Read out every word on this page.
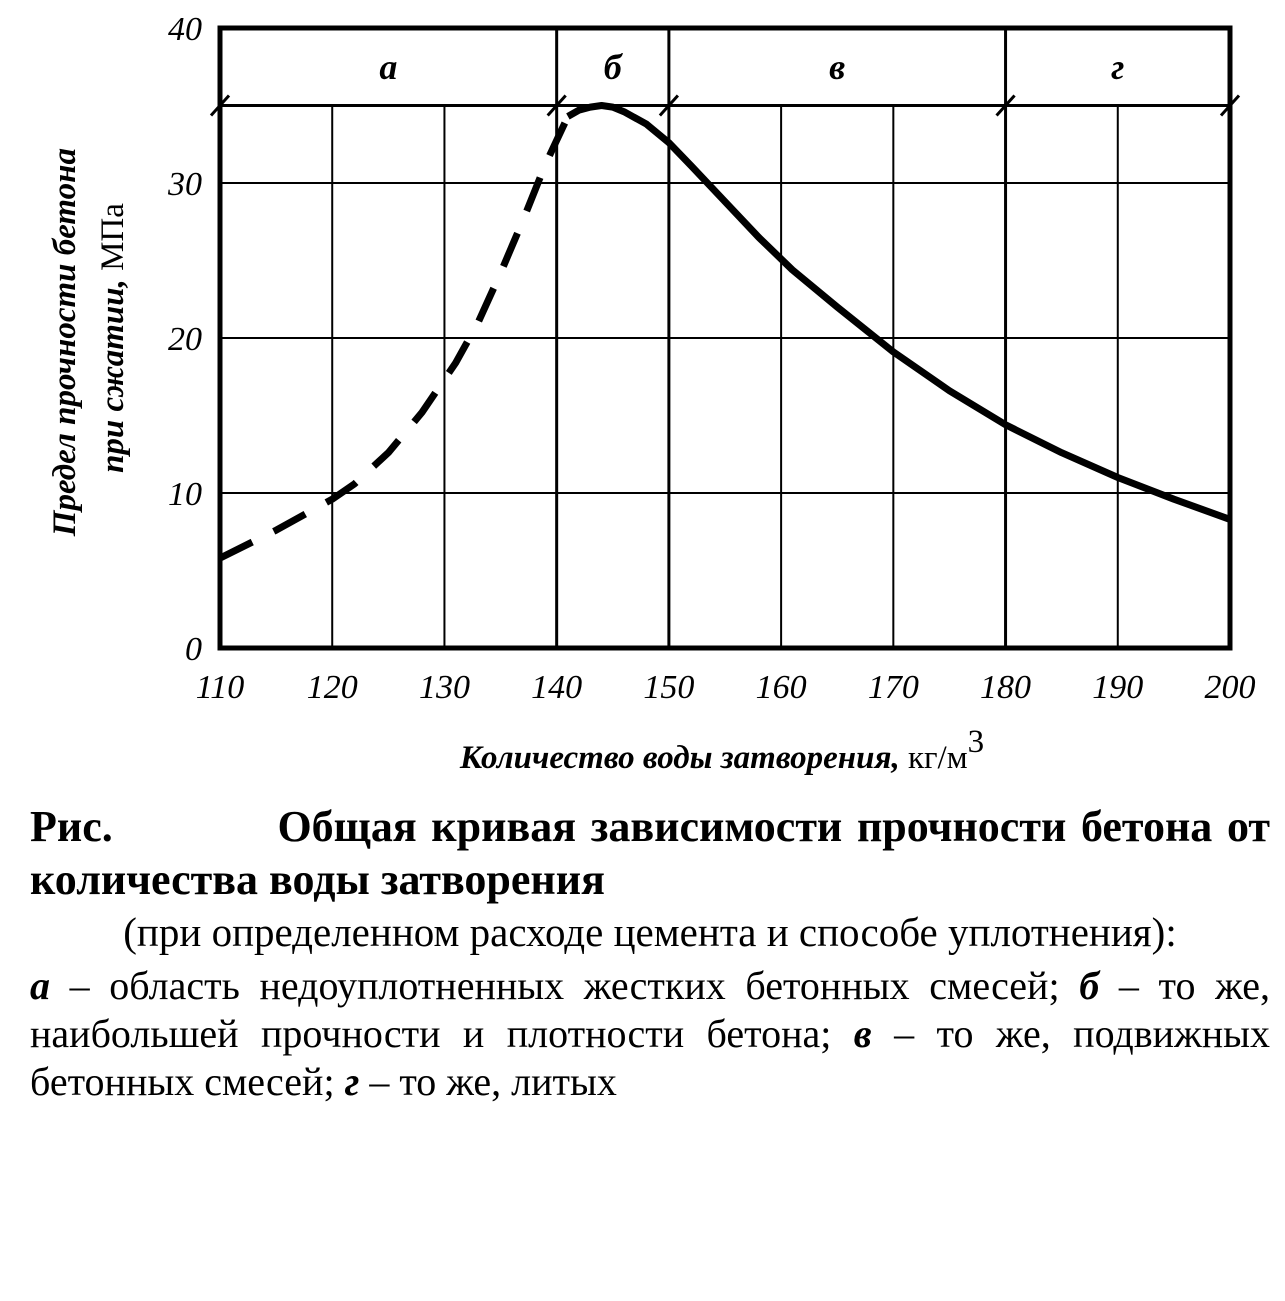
а	б	в	г
0
10
20
30
40
110 120 130 140 150 160 170 180 190 200
Предел прочности бетона при сжатии, МПа
Количество воды затворения, кг/м3
Рис.	Общая кривая зависимости прочности бетона от количества воды затворения
(при определенном расходе цемента и способе уплотнения):
а – область недоуплотненных жестких бетонных смесей; б – то же, наибольшей прочности и плотности бетона; в – то же, подвижных бетонных смесей; г – то же, литых
